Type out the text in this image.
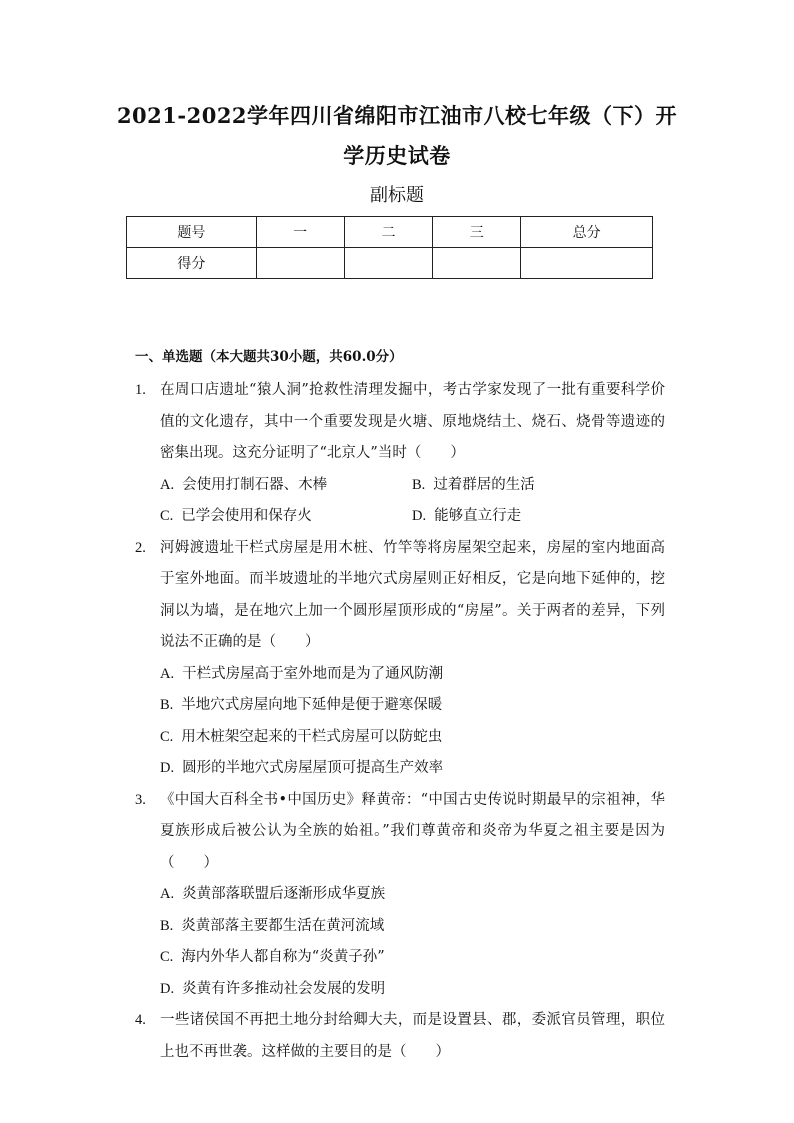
2021-2022学年四川省绵阳市江油市八校七年级（下）开学历史试卷
副标题
题号	一	二	三	总分
得分				
一、单选题（本大题共30小题，共60.0分）
1. 在周口店遗址“猿人洞”抢救性清理发掘中，考古学家发现了一批有重要科学价值的文化遗存，其中一个重要发现是火塘、原地烧结土、烧石、烧骨等遗迹的密集出现。这充分证明了“北京人”当时（　　）
A. 会使用打制石器、木棒	B. 过着群居的生活
C. 已学会使用和保存火	D. 能够直立行走
2. 河姆渡遗址干栏式房屋是用木桩、竹竿等将房屋架空起来，房屋的室内地面高于室外地面。而半坡遗址的半地穴式房屋则正好相反，它是向地下延伸的，挖洞以为墙，是在地穴上加一个圆形屋顶形成的“房屋”。关于两者的差异，下列说法不正确的是（　　）
A. 干栏式房屋高于室外地而是为了通风防潮
B. 半地穴式房屋向地下延伸是便于避寒保暖
C. 用木桩架空起来的干栏式房屋可以防蛇虫
D. 圆形的半地穴式房屋屋顶可提高生产效率
3. 《中国大百科全书•中国历史》释黄帝：“中国古史传说时期最早的宗祖神，华夏族形成后被公认为全族的始祖。”我们尊黄帝和炎帝为华夏之祖主要是因为（　　）
A. 炎黄部落联盟后逐渐形成华夏族
B. 炎黄部落主要都生活在黄河流域
C. 海内外华人都自称为“炎黄子孙”
D. 炎黄有许多推动社会发展的发明
4. 一些诸侯国不再把土地分封给卿大夫，而是设置县、郡，委派官员管理，职位上也不再世袭。这样做的主要目的是（　　）
